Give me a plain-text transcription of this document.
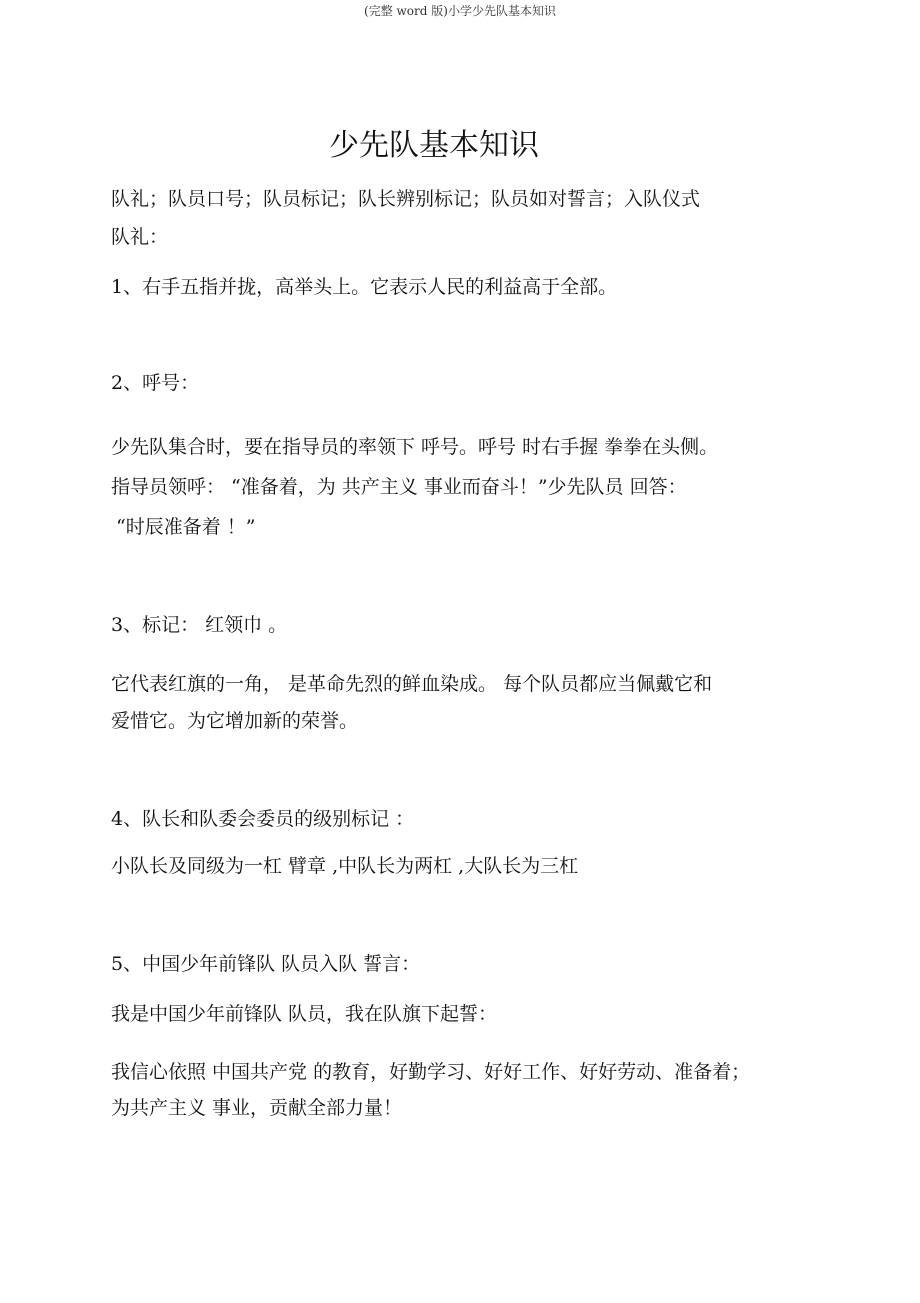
(完整 word 版)小学少先队基本知识
少先队基本知识

队礼；队员口号；队员标记；队长辨别标记；队员如对誓言；入队仪式

队礼：

1、右手五指并拢，高举头上。它表示人民的利益高于全部。

2、呼号：

少先队集合时，要在指导员的率领下 呼号。呼号 时右手握 拳拳在头侧。

指导员领呼： “准备着，为 共产主义 事业而奋斗！”少先队员 回答：

“时辰准备着 ！”

3、标记： 红领巾 。

它代表红旗的一角， 是革命先烈的鲜血染成。 每个队员都应当佩戴它和

爱惜它。为它增加新的荣誉。

4、队长和队委会委员的级别标记 ：

小队长及同级为一杠 臂章 ,中队长为两杠 ,大队长为三杠

5、中国少年前锋队 队员入队 誓言：

我是中国少年前锋队 队员，我在队旗下起誓：

我信心依照 中国共产党 的教育，好勤学习、好好工作、好好劳动、准备着；

为共产主义 事业，贡献全部力量！
